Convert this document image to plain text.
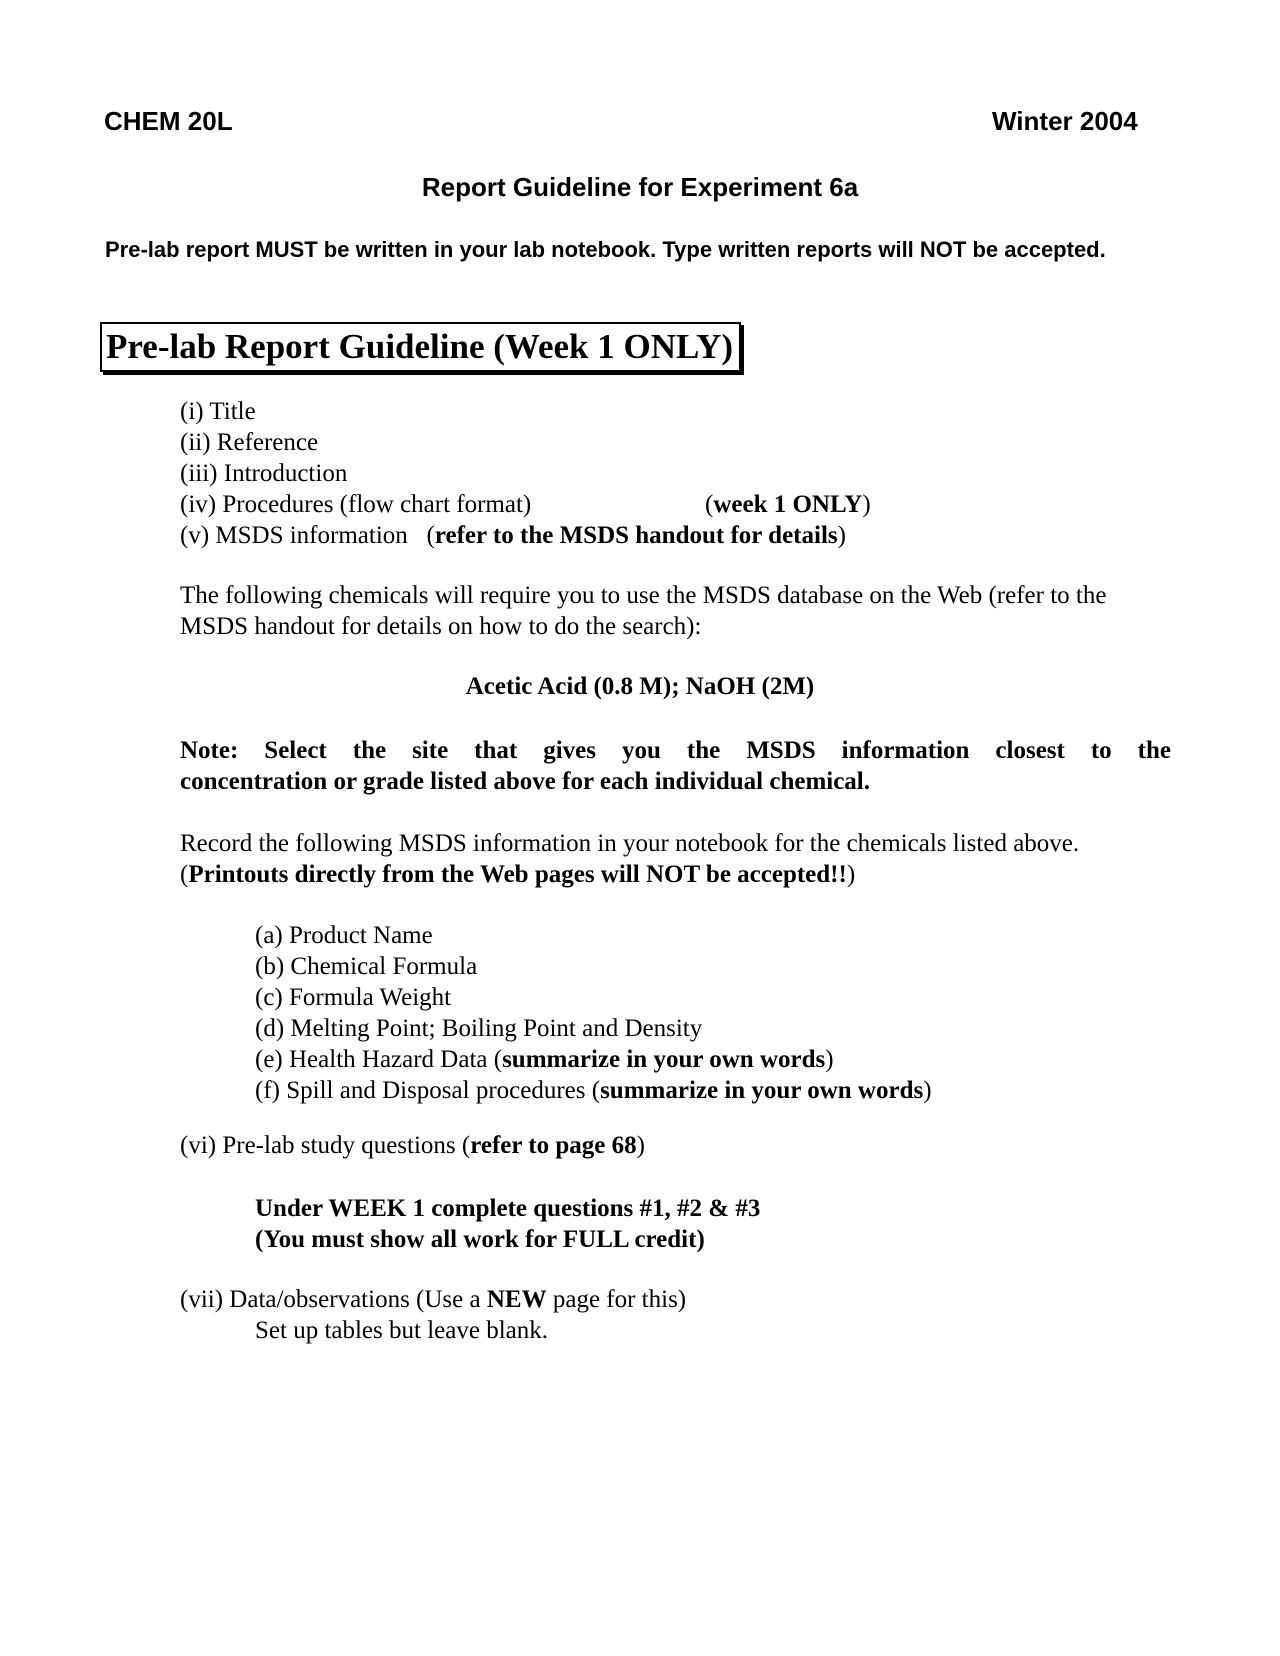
CHEM 20L	Winter 2004
Report Guideline for Experiment 6a
Pre-lab report MUST be written in your lab notebook. Type written reports will NOT be accepted.
Pre-lab Report Guideline (Week 1 ONLY)
(i) Title
(ii) Reference
(iii) Introduction
(iv) Procedures (flow chart format)	(week 1 ONLY)
(v) MSDS information (refer to the MSDS handout for details)
The following chemicals will require you to use the MSDS database on the Web (refer to the MSDS handout for details on how to do the search):
Acetic Acid (0.8 M); NaOH (2M)
Note: Select the site that gives you the MSDS information closest to the
concentration or grade listed above for each individual chemical.
Record the following MSDS information in your notebook for the chemicals listed above.
(Printouts directly from the Web pages will NOT be accepted!!)
(a) Product Name
(b) Chemical Formula
(c) Formula Weight
(d) Melting Point; Boiling Point and Density
(e) Health Hazard Data (summarize in your own words)
(f) Spill and Disposal procedures (summarize in your own words)
(vi) Pre-lab study questions (refer to page 68)
Under WEEK 1 complete questions #1, #2 & #3
(You must show all work for FULL credit)
(vii) Data/observations (Use a NEW page for this)
Set up tables but leave blank.
